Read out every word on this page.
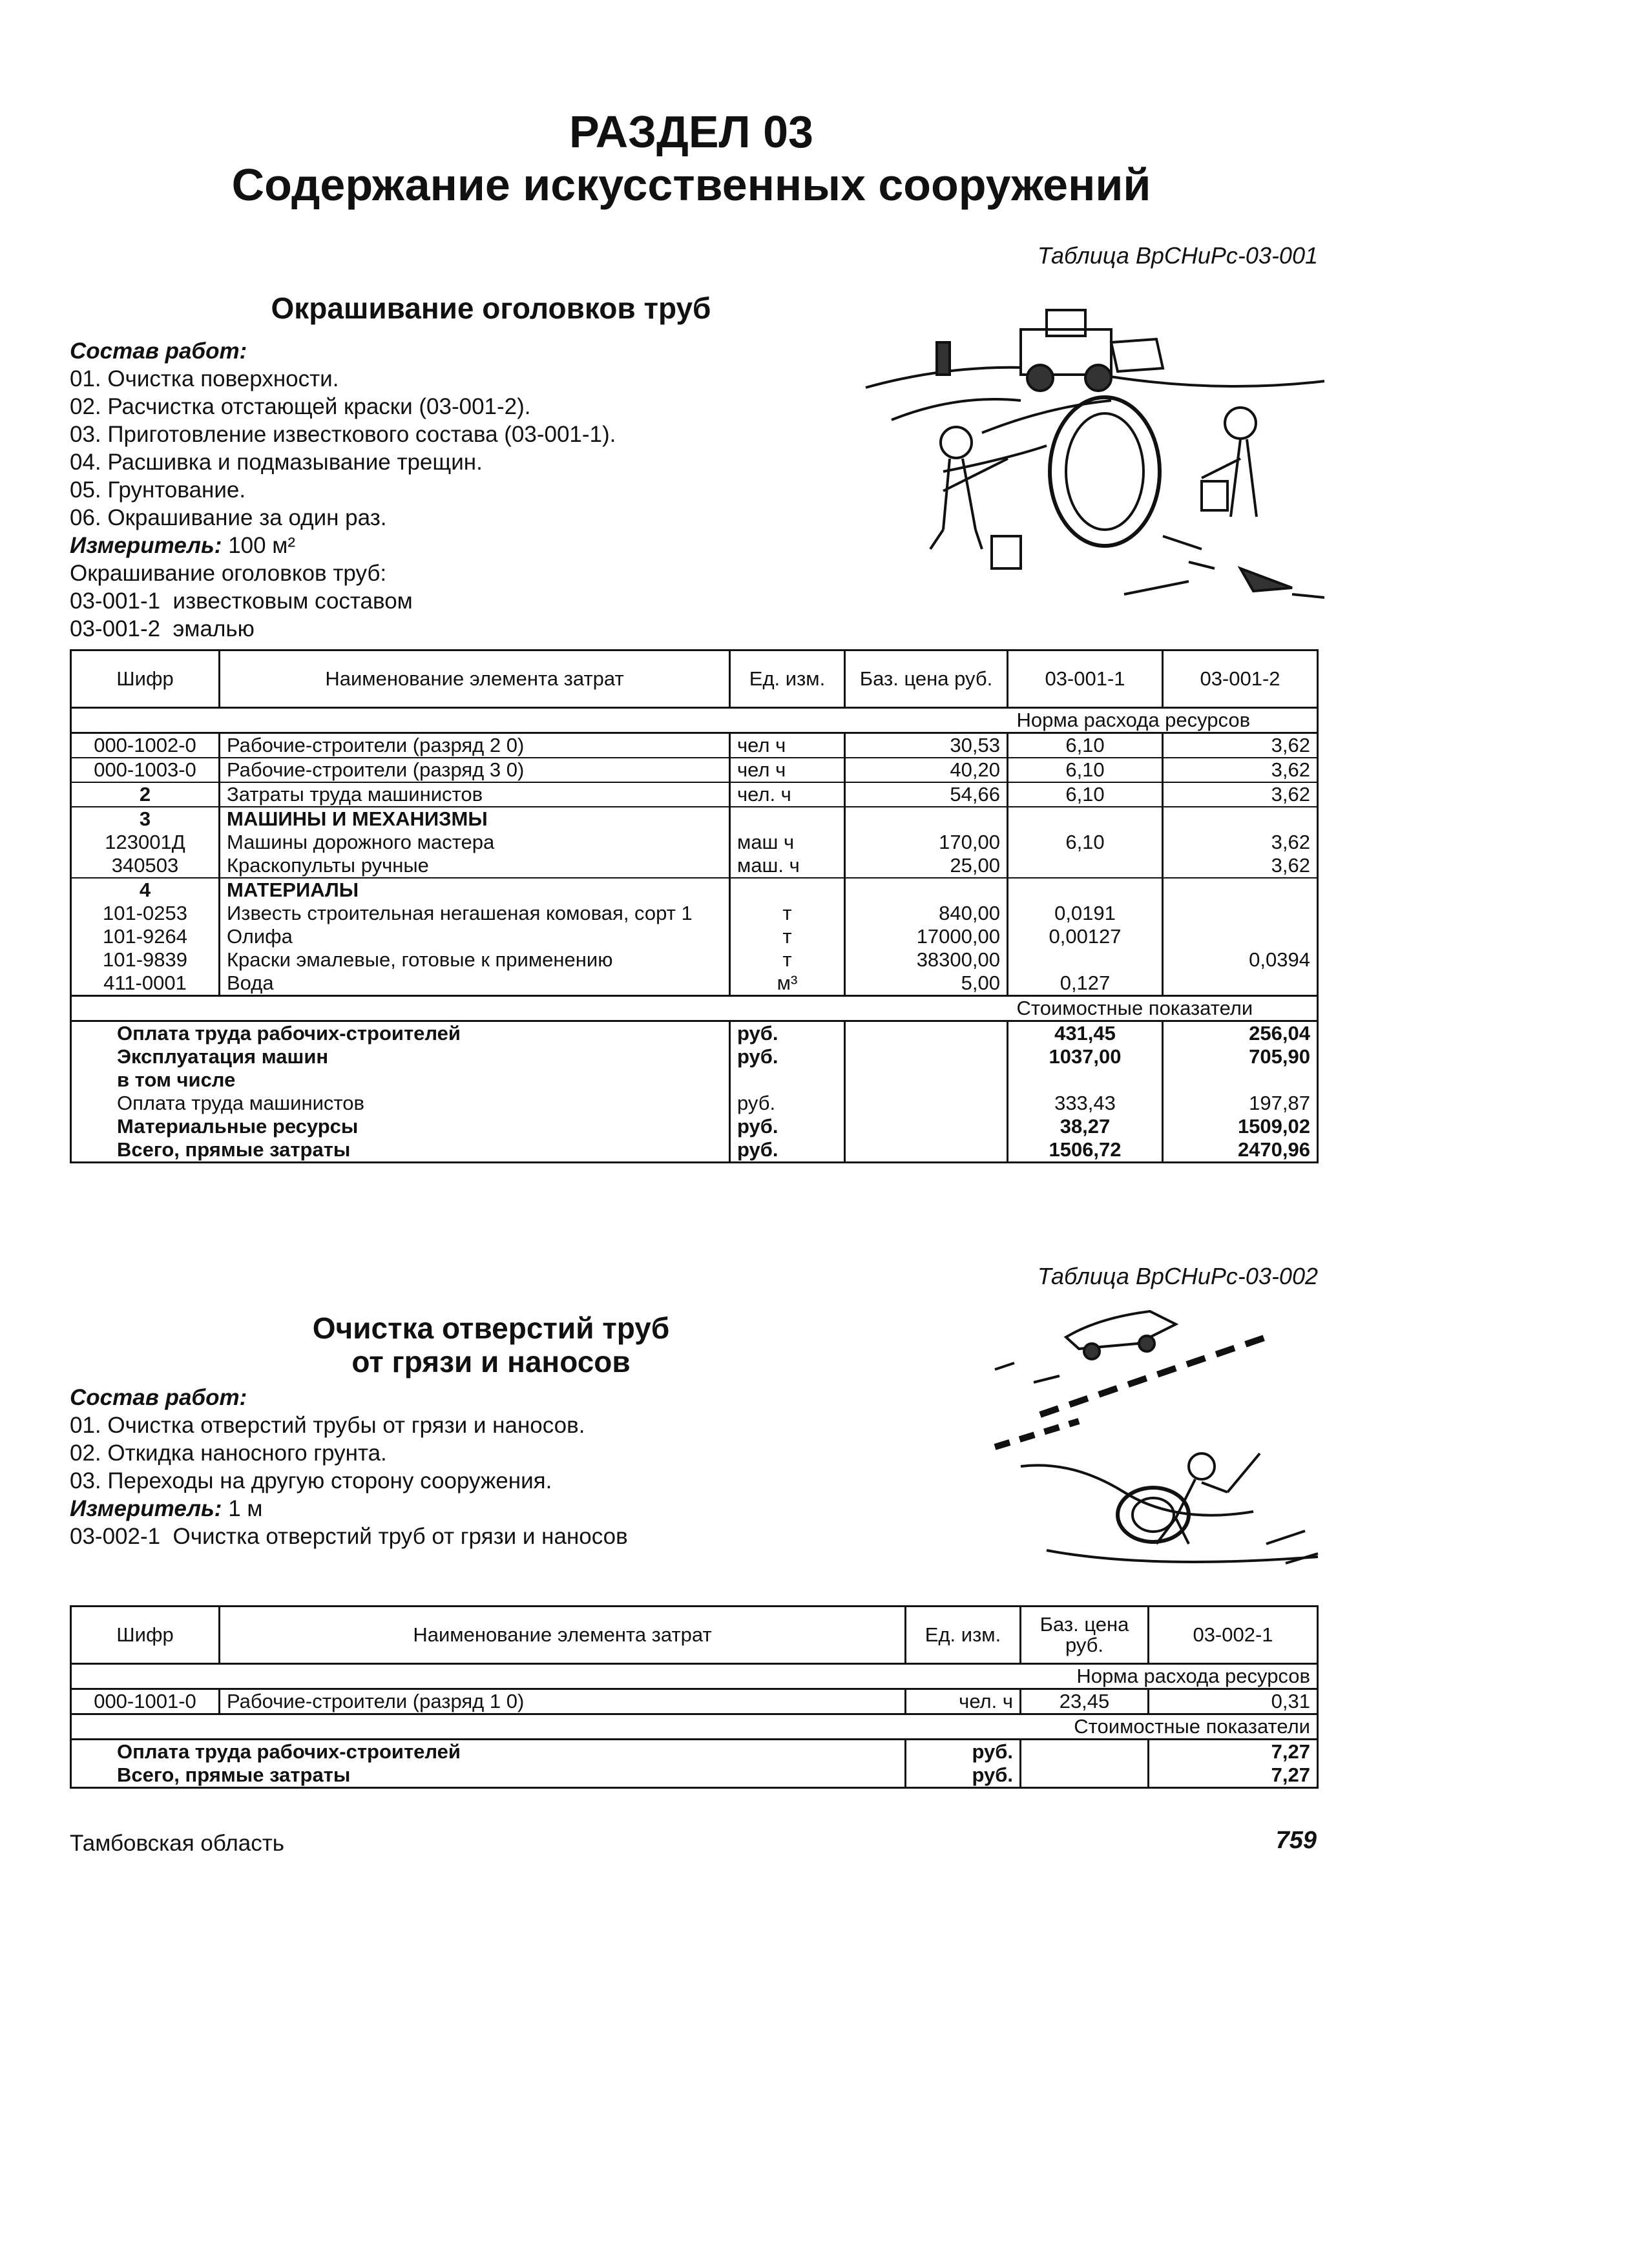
РАЗДЕЛ 03
Содержание искусственных сооружений
Таблица ВрСНиРс-03-001
Окрашивание оголовков труб
Состав работ:
01. Очистка поверхности.
02. Расчистка отстающей краски (03-001-2).
03. Приготовление известкового состава (03-001-1).
04. Расшивка и подмазывание трещин.
05. Грунтование.
06. Окрашивание за один раз.
Измеритель: 100 м²
Окрашивание оголовков труб:
03-001-1  известковым составом
03-001-2  эмалью
Шифр	Наименование элемента затрат	Ед. изм.	Баз. цена руб.	03-001-1	03-001-2
				Норма расхода ресурсов	
000-1002-0	Рабочие-строители (разряд 2 0)	чел ч	30,53	6,10	3,62
000-1003-0	Рабочие-строители (разряд 3 0)	чел ч	40,20	6,10	3,62
2	Затраты труда машинистов	чел. ч	54,66	6,10	3,62
3	МАШИНЫ И МЕХАНИЗМЫ				
123001Д	Машины дорожного мастера	маш ч	170,00	6,10	3,62
340503	Краскопульты ручные	маш. ч	25,00		3,62
4	МАТЕРИАЛЫ				
101-0253	Известь строительная негашеная комовая, сорт 1	т	840,00	0,0191	
101-9264	Олифа	т	17000,00	0,00127	
101-9839	Краски эмалевые, готовые к применению	т	38300,00		0,0394
411-0001	Вода	м³	5,00	0,127	
				Стоимостные показатели	
Оплата труда рабочих-строителей		руб.		431,45	256,04
Эксплуатация машин		руб.		1037,00	705,90
в том числе					
Оплата труда машинистов		руб.		333,43	197,87
Материальные ресурсы		руб.		38,27	1509,02
Всего, прямые затраты		руб.		1506,72	2470,96
Таблица ВрСНиРс-03-002
Очистка отверстий труб
от грязи и наносов
Состав работ:
01. Очистка отверстий трубы от грязи и наносов.
02. Откидка наносного грунта.
03. Переходы на другую сторону сооружения.
Измеритель: 1 м
03-002-1  Очистка отверстий труб от грязи и наносов
Шифр	Наименование элемента затрат	Ед. изм.	Баз. цена руб.	03-002-1
			Норма расхода ресурсов	
000-1001-0	Рабочие-строители (разряд 1 0)	чел. ч	23,45	0,31
			Стоимостные показатели	
Оплата труда рабочих-строителей		руб.		7,27
Всего, прямые затраты		руб.		7,27
Тамбовская область	759
